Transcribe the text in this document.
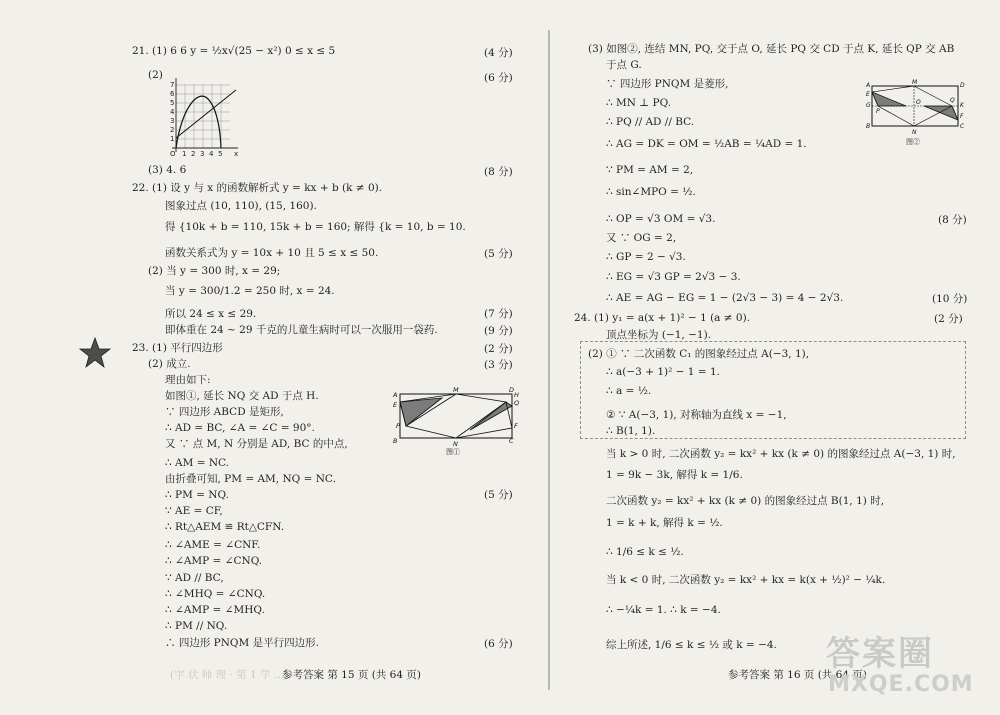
21. (1) 6 6 y = ½x√(25 − x²) 0 ≤ x ≤ 5
(2)
7
6
5
4
3
2
1
O 1 2 3 4 5 x
(3) 4. 6
22. (1) 设 y 与 x 的函数解析式 y = kx + b (k ≠ 0).
图象过点 (10, 110), (15, 160).
得 {10k + b = 110, 15k + b = 160; 解得 {k = 10, b = 10.
函数关系式为 y = 10x + 10 且 5 ≤ x ≤ 50.
(2) 当 y = 300 时, x = 29;
当 y = 300/1.2 = 250 时, x = 24.
所以 24 ≤ x ≤ 29.
即体重在 24 ~ 29 千克的儿童生病时可以一次服用一袋药.
23. (1) 平行四边形
(2) 成立.
理由如下:
如图①, 延长 NQ 交 AD 于点 H.
∵ 四边形 ABCD 是矩形,
∴ AD = BC, ∠A = ∠C = 90°.
又 ∵ 点 M, N 分别是 AD, BC 的中点,
∴ AM = NC.
由折叠可知, PM = AM, NQ = NC.
∴ PM = NQ.
∵ AE = CF,
∴ Rt△AEM ≌ Rt△CFN.
∴ ∠AME = ∠CNF.
∴ ∠AMP = ∠CNQ.
∵ AD // BC,
∴ ∠MHQ = ∠CNQ.
∴ ∠AMP = ∠MHQ.
∴ PM // NQ.
∴ 四边形 PNQM 是平行四边形.
A
M	D
H
E	Q
P	F
B	N	C
图①
(4 分)
(6 分)
(8 分)
(5 分)
(7 分)
(9 分)
(2 分)
(3 分)
(5 分)
(6 分)
(宇 状 师 理 · 第 1 学 …)
参考答案 第 15 页 (共 64 页)
(3) 如图②, 连结 MN, PQ, 交于点 O, 延长 PQ 交 CD 于点 K, 延长 QP 交 AB
于点 G.
∵ 四边形 PNQM 是菱形,
∴ MN ⊥ PQ.
∴ PQ // AD // BC.
∴ AG = DK = OM = ½AB = ¼AD = 1.
∵ PM = AM = 2,
∴ sin∠MPO = ½.
∴ OP = √3 OM = √3.
又 ∵ OG = 2,
∴ GP = 2 − √3.
∴ EG = √3 GP = 2√3 − 3.
∴ AE = AG − EG = 1 − (2√3 − 3) = 4 − 2√3.
24. (1) y₁ = a(x + 1)² − 1 (a ≠ 0).
顶点坐标为 (−1, −1).
(2) ① ∵ 二次函数 C₁ 的图象经过点 A(−3, 1),
∴ a(−3 + 1)² − 1 = 1.
∴ a = ½.
② ∵ A(−3, 1), 对称轴为直线 x = −1,
∴ B(1, 1).
当 k > 0 时, 二次函数 y₂ = kx² + kx (k ≠ 0) 的图象经过点 A(−3, 1) 时,
1 = 9k − 3k, 解得 k = 1/6.
二次函数 y₂ = kx² + kx (k ≠ 0) 的图象经过点 B(1, 1) 时,
1 = k + k, 解得 k = ½.
∴ 1/6 ≤ k ≤ ½.
当 k < 0 时, 二次函数 y₂ = kx² + kx = k(x + ½)² − ¼k.
∴ −¼k = 1. ∴ k = −4.
综上所述, 1/6 ≤ k ≤ ½ 或 k = −4.
(8 分)
(10 分)
(2 分)
A	M	D
E
G	O	K
P
Q
B
N
C
F
图②
参考答案 第 16 页 (共 64 页)
答案圈
MXQE.COM
